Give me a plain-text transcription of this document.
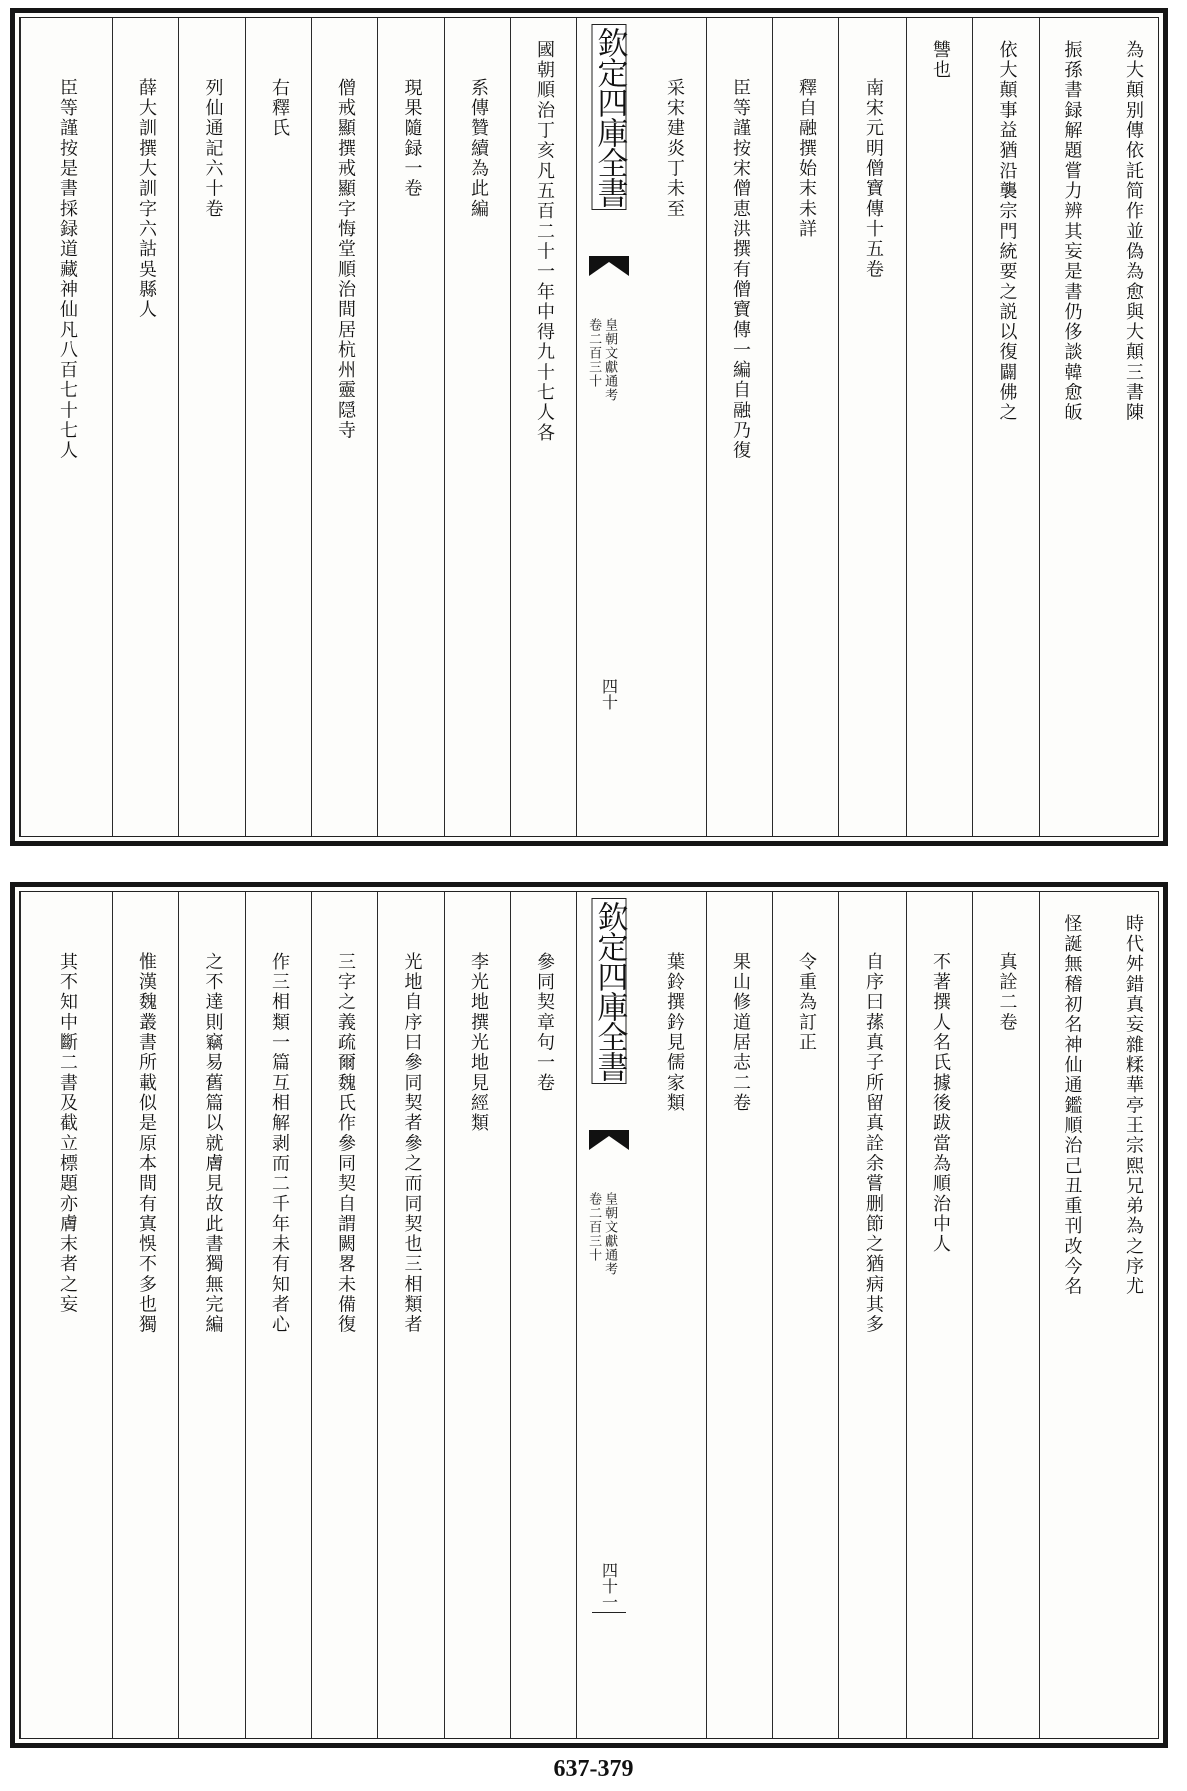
為大顛别傳依託简作並偽為愈與大顛三書陳
振孫書録解題嘗力辨其妄是書仍侈談韓愈皈
依大顛事益猶沿襲宗門統要之説以復闢佛之
讐也
南宋元明僧寶傳十五卷
釋自融撰始末未詳
臣等謹按宋僧恵洪撰有僧寶傳一編自融乃復
采宋建炎丁未至
欽定四庫全書
皇朝文獻通考
卷二百三十
四十
國朝順治丁亥凡五百二十一年中得九十七人各
系傳贊續為此編
現果隨録一卷
僧戒顯撰戒顯字悔堂順治間居杭州靈隠寺
右釋氏
列仙通記六十卷
薛大訓撰大訓字六詁吳縣人
臣等謹按是書採録道藏神仙凡八百七十七人
時代舛錯真妄雜糅華亭王宗熙兄弟為之序尤
怪誕無稽初名神仙通鑑順治己丑重刊改今名
真詮二卷
不著撰人名氏據後跋當為順治中人
自序曰蓀真子所留真詮余嘗删節之猶病其多
令重為訂正
果山修道居志二卷
葉鈴撰鈐見儒家類
欽定四庫全書
皇朝文獻通考
卷二百三十
四十一
參同契章句一卷
李光地撰光地見經類
光地自序曰參同契者參之而同契也三相類者
三字之義疏爾魏氏作參同契自謂闕畧未備復
作三相類一篇互相解剥而二千年未有知者心
之不達則竊易舊篇以就膚見故此書獨無完編
惟漢魏叢書所載似是原本間有寘悞不多也獨
其不知中斷二書及截立標題亦膚末者之妄
637-379
